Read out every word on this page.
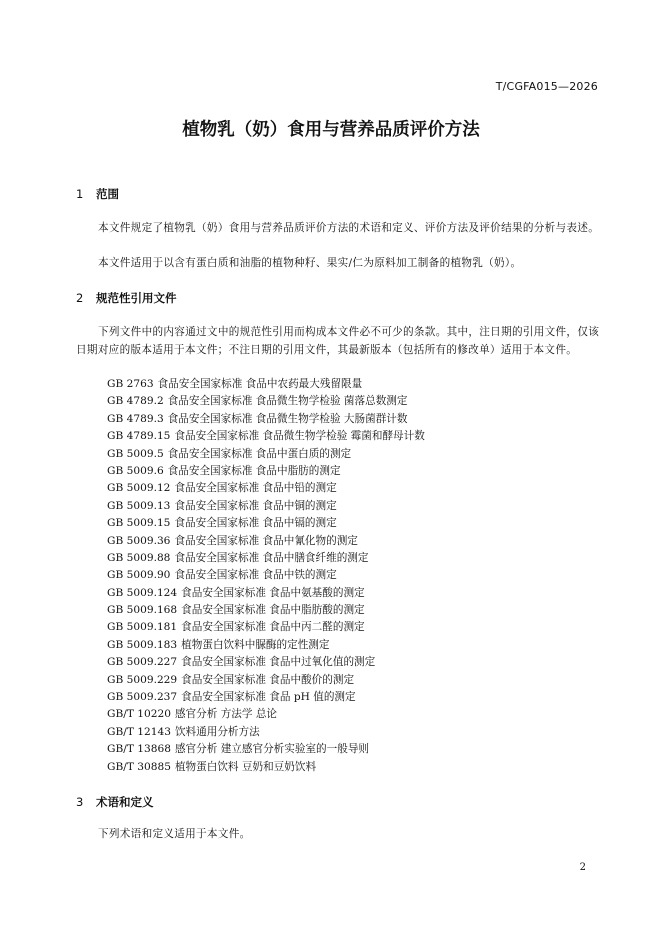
T/CGFA015—2026
植物乳（奶）食用与营养品质评价方法
1 范围

本文件规定了植物乳（奶）食用与营养品质评价方法的术语和定义、评价方法及评价结果的分析与表述。

本文件适用于以含有蛋白质和油脂的植物种籽、果实/仁为原料加工制备的植物乳（奶）。

2 规范性引用文件

下列文件中的内容通过文中的规范性引用而构成本文件必不可少的条款。其中，注日期的引用文件，仅该日期对应的版本适用于本文件；不注日期的引用文件，其最新版本（包括所有的修改单）适用于本文件。

GB 2763 食品安全国家标准 食品中农药最大残留限量
GB 4789.2 食品安全国家标准 食品微生物学检验 菌落总数测定
GB 4789.3 食品安全国家标准 食品微生物学检验 大肠菌群计数
GB 4789.15 食品安全国家标准 食品微生物学检验 霉菌和酵母计数
GB 5009.5 食品安全国家标准 食品中蛋白质的测定
GB 5009.6 食品安全国家标准 食品中脂肪的测定
GB 5009.12 食品安全国家标准 食品中铅的测定
GB 5009.13 食品安全国家标准 食品中铜的测定
GB 5009.15 食品安全国家标准 食品中镉的测定
GB 5009.36 食品安全国家标准 食品中氰化物的测定
GB 5009.88 食品安全国家标准 食品中膳食纤维的测定
GB 5009.90 食品安全国家标准 食品中铁的测定
GB 5009.124 食品安全国家标准 食品中氨基酸的测定
GB 5009.168 食品安全国家标准 食品中脂肪酸的测定
GB 5009.181 食品安全国家标准 食品中丙二醛的测定
GB 5009.183 植物蛋白饮料中脲酶的定性测定
GB 5009.227 食品安全国家标准 食品中过氧化值的测定
GB 5009.229 食品安全国家标准 食品中酸价的测定
GB 5009.237 食品安全国家标准 食品 pH 值的测定
GB/T 10220 感官分析 方法学 总论
GB/T 12143 饮料通用分析方法
GB/T 13868 感官分析 建立感官分析实验室的一般导则
GB/T 30885 植物蛋白饮料 豆奶和豆奶饮料
3 术语和定义

下列术语和定义适用于本文件。

2
